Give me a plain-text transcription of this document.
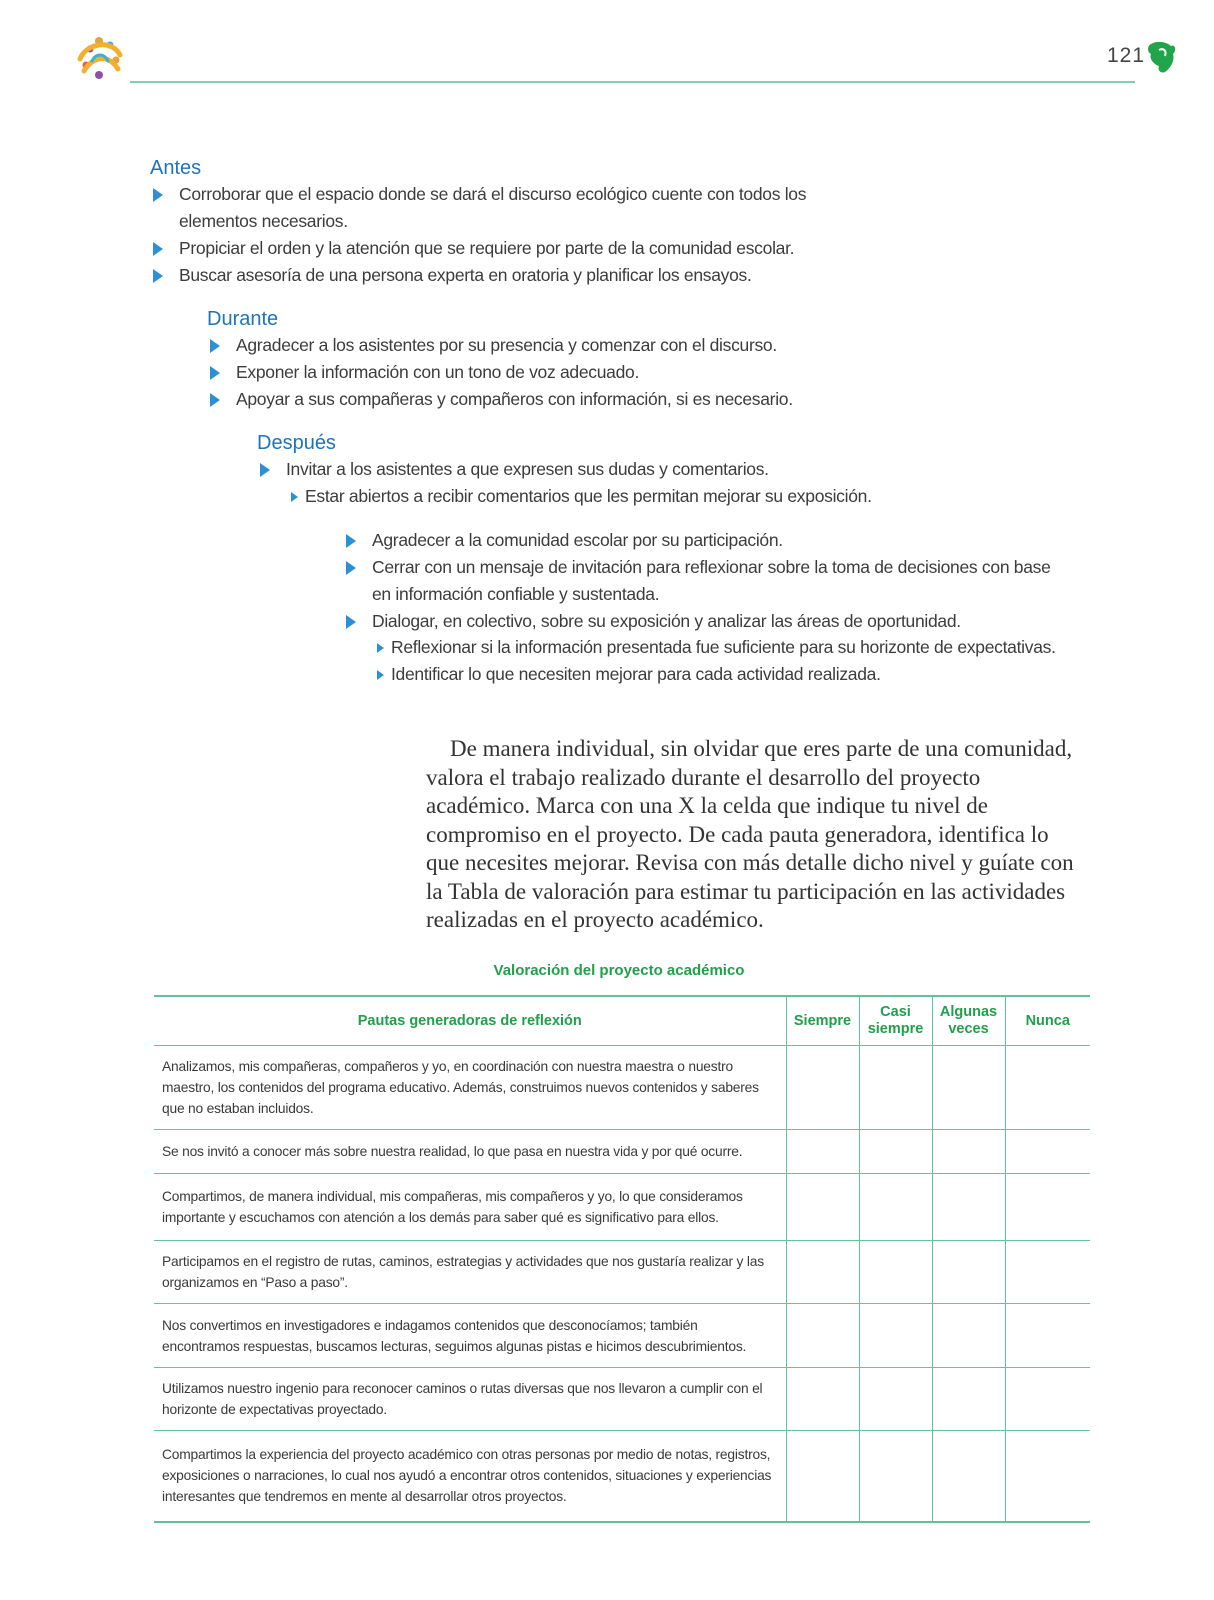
121
Antes
Corroborar que el espacio donde se dará el discurso ecológico cuente con todos los elementos necesarios.
Propiciar el orden y la atención que se requiere por parte de la comunidad escolar.
Buscar asesoría de una persona experta en oratoria y planificar los ensayos.
Durante
Agradecer a los asistentes por su presencia y comenzar con el discurso.
Exponer la información con un tono de voz adecuado.
Apoyar a sus compañeras y compañeros con información, si es necesario.
Después
Invitar a los asistentes a que expresen sus dudas y comentarios.
Estar abiertos a recibir comentarios que les permitan mejorar su exposición.
Agradecer a la comunidad escolar por su participación.
Cerrar con un mensaje de invitación para reflexionar sobre la toma de decisiones con base en información confiable y sustentada.
Dialogar, en colectivo, sobre su exposición y analizar las áreas de oportunidad.
Reflexionar si la información presentada fue suficiente para su horizonte de expectativas.
Identificar lo que necesiten mejorar para cada actividad realizada.

De manera individual, sin olvidar que eres parte de una comunidad, valora el trabajo realizado durante el desarrollo del proyecto académico. Marca con una X la celda que indique tu nivel de compromiso en el proyecto. De cada pauta generadora, identifica lo que necesites mejorar. Revisa con más detalle dicho nivel y guíate con la Tabla de valoración para estimar tu participación en las actividades realizadas en el proyecto académico.

Valoración del proyecto académico
Pautas generadoras de reflexión	Siempre	Casi siempre	Algunas veces	Nunca
Analizamos, mis compañeras, compañeros y yo, en coordinación con nuestra maestra o nuestro maestro, los contenidos del programa educativo. Además, construimos nuevos contenidos y saberes que no estaban incluidos.				
Se nos invitó a conocer más sobre nuestra realidad, lo que pasa en nuestra vida y por qué ocurre.				
Compartimos, de manera individual, mis compañeras, mis compañeros y yo, lo que consideramos importante y escuchamos con atención a los demás para saber qué es significativo para ellos.				
Participamos en el registro de rutas, caminos, estrategias y actividades que nos gustaría realizar y las organizamos en “Paso a paso”.				
Nos convertimos en investigadores e indagamos contenidos que desconocíamos; también encontramos respuestas, buscamos lecturas, seguimos algunas pistas e hicimos descubrimientos.				
Utilizamos nuestro ingenio para reconocer caminos o rutas diversas que nos llevaron a cumplir con el horizonte de expectativas proyectado.				
Compartimos la experiencia del proyecto académico con otras personas por medio de notas, registros, exposiciones o narraciones, lo cual nos ayudó a encontrar otros contenidos, situaciones y experiencias interesantes que tendremos en mente al desarrollar otros proyectos.				
